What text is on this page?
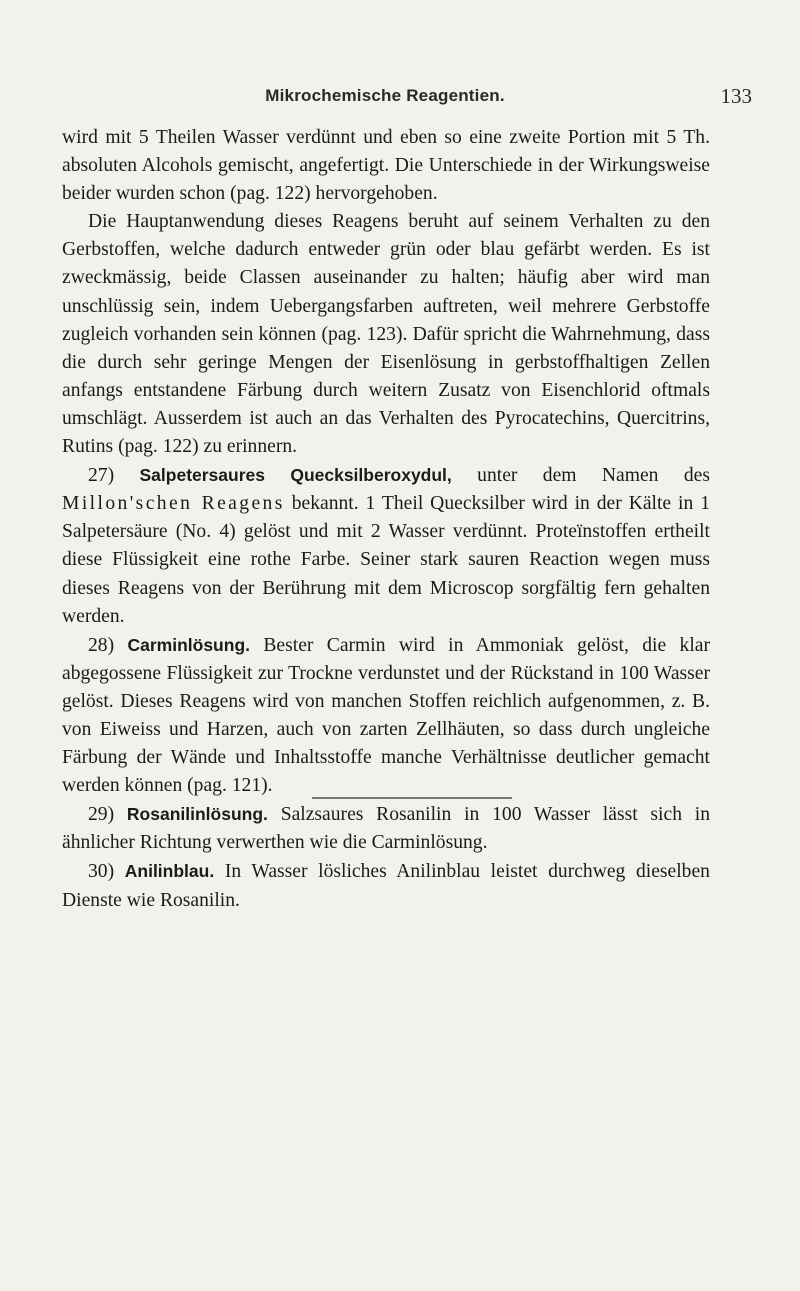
Mikrochemische Reagentien.	133

wird mit 5 Theilen Wasser verdünnt und eben so eine zweite Portion mit 5 Th. absoluten Alcohols gemischt, angefertigt. Die Unterschiede in der Wirkungsweise beider wurden schon (pag. 122) hervorgehoben.

Die Hauptanwendung dieses Reagens beruht auf seinem Verhalten zu den Gerbstoffen, welche dadurch entweder grün oder blau gefärbt werden. Es ist zweckmässig, beide Classen auseinander zu halten; häufig aber wird man unschlüssig sein, indem Uebergangsfarben auftreten, weil mehrere Gerbstoffe zugleich vorhanden sein können (pag. 123). Dafür spricht die Wahrnehmung, dass die durch sehr geringe Mengen der Eisenlösung in gerbstoffhaltigen Zellen anfangs entstandene Färbung durch weitern Zusatz von Eisenchlorid oftmals umschlägt. Ausserdem ist auch an das Verhalten des Pyrocatechins, Quercitrins, Rutins (pag. 122) zu erinnern.

27) Salpetersaures Quecksilberoxydul, unter dem Namen des Millon'schen Reagens bekannt. 1 Theil Quecksilber wird in der Kälte in 1 Salpetersäure (No. 4) gelöst und mit 2 Wasser verdünnt. Proteïnstoffen ertheilt diese Flüssigkeit eine rothe Farbe. Seiner stark sauren Reaction wegen muss dieses Reagens von der Berührung mit dem Microscop sorgfältig fern gehalten werden.

28) Carminlösung. Bester Carmin wird in Ammoniak gelöst, die klar abgegossene Flüssigkeit zur Trockne verdunstet und der Rückstand in 100 Wasser gelöst. Dieses Reagens wird von manchen Stoffen reichlich aufgenommen, z. B. von Eiweiss und Harzen, auch von zarten Zellhäuten, so dass durch ungleiche Färbung der Wände und Inhaltsstoffe manche Verhältnisse deutlicher gemacht werden können (pag. 121).

29) Rosanilinlösung. Salzsaures Rosanilin in 100 Wasser lässt sich in ähnlicher Richtung verwerthen wie die Carminlösung.

30) Anilinblau. In Wasser lösliches Anilinblau leistet durchweg dieselben Dienste wie Rosanilin.
